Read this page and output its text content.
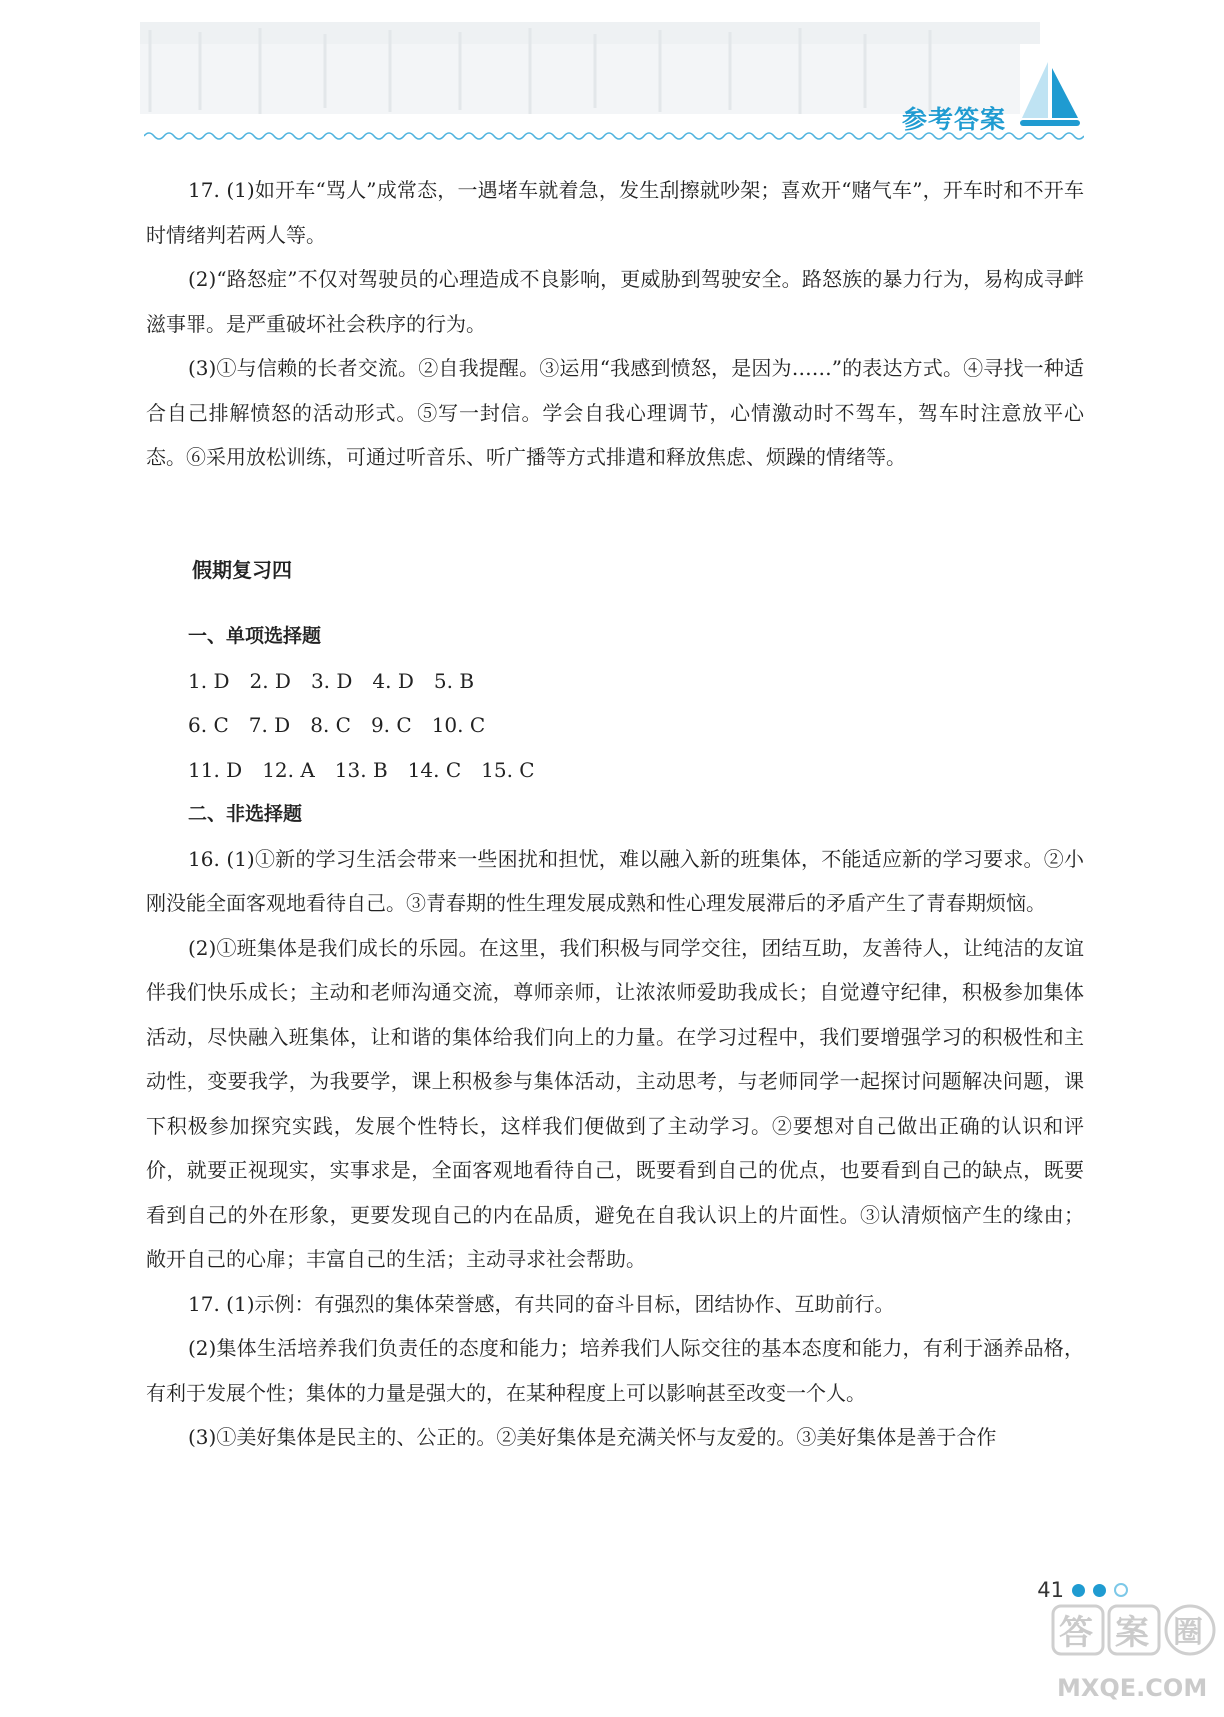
参考答案

17. (1)如开车“骂人”成常态，一遇堵车就着急，发生刮擦就吵架；喜欢开“赌气车”，开车时和不开车时情绪判若两人等。

(2)“路怒症”不仅对驾驶员的心理造成不良影响，更威胁到驾驶安全。路怒族的暴力行为，易构成寻衅滋事罪。是严重破坏社会秩序的行为。

(3)①与信赖的长者交流。②自我提醒。③运用“我感到愤怒，是因为……”的表达方式。④寻找一种适合自己排解愤怒的活动形式。⑤写一封信。学会自我心理调节，心情激动时不驾车，驾车时注意放平心态。⑥采用放松训练，可通过听音乐、听广播等方式排遣和释放焦虑、烦躁的情绪等。

假期复习四
一、单项选择题

1. D　2. D　3. D　4. D　5. B

6. C　7. D　8. C　9. C　10. C

11. D　12. A　13. B　14. C　15. C

二、非选择题

16. (1)①新的学习生活会带来一些困扰和担忧，难以融入新的班集体，不能适应新的学习要求。②小刚没能全面客观地看待自己。③青春期的性生理发展成熟和性心理发展滞后的矛盾产生了青春期烦恼。

(2)①班集体是我们成长的乐园。在这里，我们积极与同学交往，团结互助，友善待人，让纯洁的友谊伴我们快乐成长；主动和老师沟通交流，尊师亲师，让浓浓师爱助我成长；自觉遵守纪律，积极参加集体活动，尽快融入班集体，让和谐的集体给我们向上的力量。在学习过程中，我们要增强学习的积极性和主动性，变要我学，为我要学，课上积极参与集体活动，主动思考，与老师同学一起探讨问题解决问题，课下积极参加探究实践，发展个性特长，这样我们便做到了主动学习。②要想对自己做出正确的认识和评价，就要正视现实，实事求是，全面客观地看待自己，既要看到自己的优点，也要看到自己的缺点，既要看到自己的外在形象，更要发现自己的内在品质，避免在自我认识上的片面性。③认清烦恼产生的缘由；敞开自己的心扉；丰富自己的生活；主动寻求社会帮助。

17. (1)示例：有强烈的集体荣誉感，有共同的奋斗目标，团结协作、互助前行。

(2)集体生活培养我们负责任的态度和能力；培养我们人际交往的基本态度和能力，有利于涵养品格，有利于发展个性；集体的力量是强大的，在某种程度上可以影响甚至改变一个人。

(3)①美好集体是民主的、公正的。②美好集体是充满关怀与友爱的。③美好集体是善于合作

41
答 案 圈
MXQE.COM
